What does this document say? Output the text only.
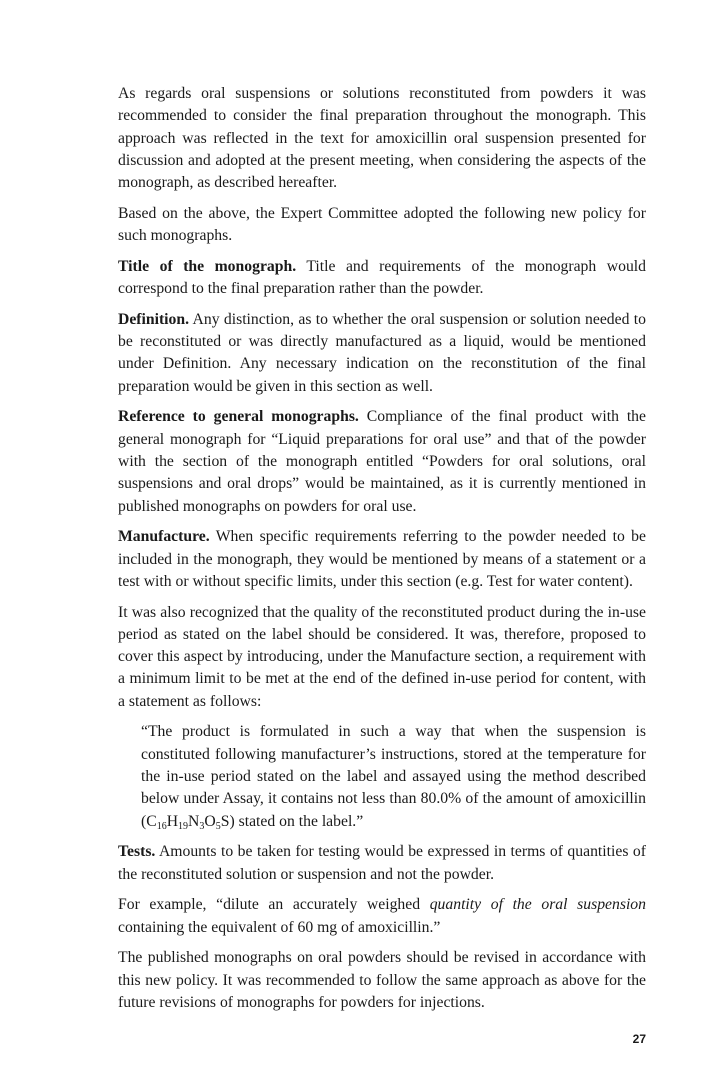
As regards oral suspensions or solutions reconstituted from powders it was recommended to consider the final preparation throughout the monograph. This approach was reflected in the text for amoxicillin oral suspension presented for discussion and adopted at the present meeting, when considering the aspects of the monograph, as described hereafter.

Based on the above, the Expert Committee adopted the following new policy for such monographs.

Title of the monograph. Title and requirements of the monograph would correspond to the final preparation rather than the powder.

Definition. Any distinction, as to whether the oral suspension or solution needed to be reconstituted or was directly manufactured as a liquid, would be mentioned under Definition. Any necessary indication on the reconstitution of the final preparation would be given in this section as well.

Reference to general monographs. Compliance of the final product with the general monograph for “Liquid preparations for oral use” and that of the powder with the section of the monograph entitled “Powders for oral solutions, oral suspensions and oral drops” would be maintained, as it is currently mentioned in published monographs on powders for oral use.

Manufacture. When specific requirements referring to the powder needed to be included in the monograph, they would be mentioned by means of a statement or a test with or without specific limits, under this section (e.g. Test for water content).

It was also recognized that the quality of the reconstituted product during the in-use period as stated on the label should be considered. It was, therefore, proposed to cover this aspect by introducing, under the Manufacture section, a requirement with a minimum limit to be met at the end of the defined in-use period for content, with a statement as follows:

“The product is formulated in such a way that when the suspension is constituted following manufacturer’s instructions, stored at the temperature for the in-use period stated on the label and assayed using the method described below under Assay, it contains not less than 80.0% of the amount of amoxicillin $(C_{16}H_{19}N_3O_5S)$ stated on the label.”

Tests. Amounts to be taken for testing would be expressed in terms of quantities of the reconstituted solution or suspension and not the powder.

For example, “dilute an accurately weighed quantity of the oral suspension containing the equivalent of 60 mg of amoxicillin.”

The published monographs on oral powders should be revised in accordance with this new policy. It was recommended to follow the same approach as above for the future revisions of monographs for powders for injections.

27
